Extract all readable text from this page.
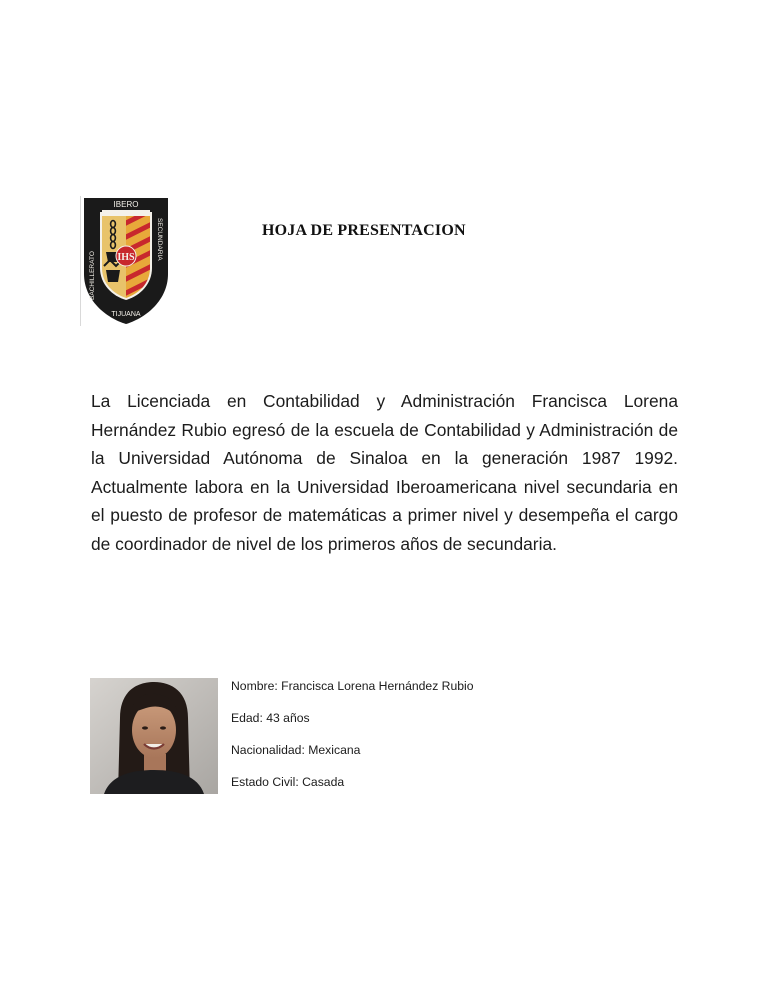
IHS
IBERO
BACHILLERATO
SECUNDARIA
TIJUANA
HOJA DE PRESENTACION

La Licenciada en Contabilidad y Administración Francisca Lorena Hernández Rubio egresó de la escuela de Contabilidad y Administración de la Universidad Autónoma de Sinaloa en la generación 1987 1992. Actualmente labora en la Universidad Iberoamericana nivel secundaria en el puesto de profesor de matemáticas a primer nivel y desempeña el cargo de coordinador de nivel de los primeros años de secundaria.

Nombre: Francisca Lorena Hernández Rubio
Edad: 43 años
Nacionalidad: Mexicana
Estado Civil: Casada
